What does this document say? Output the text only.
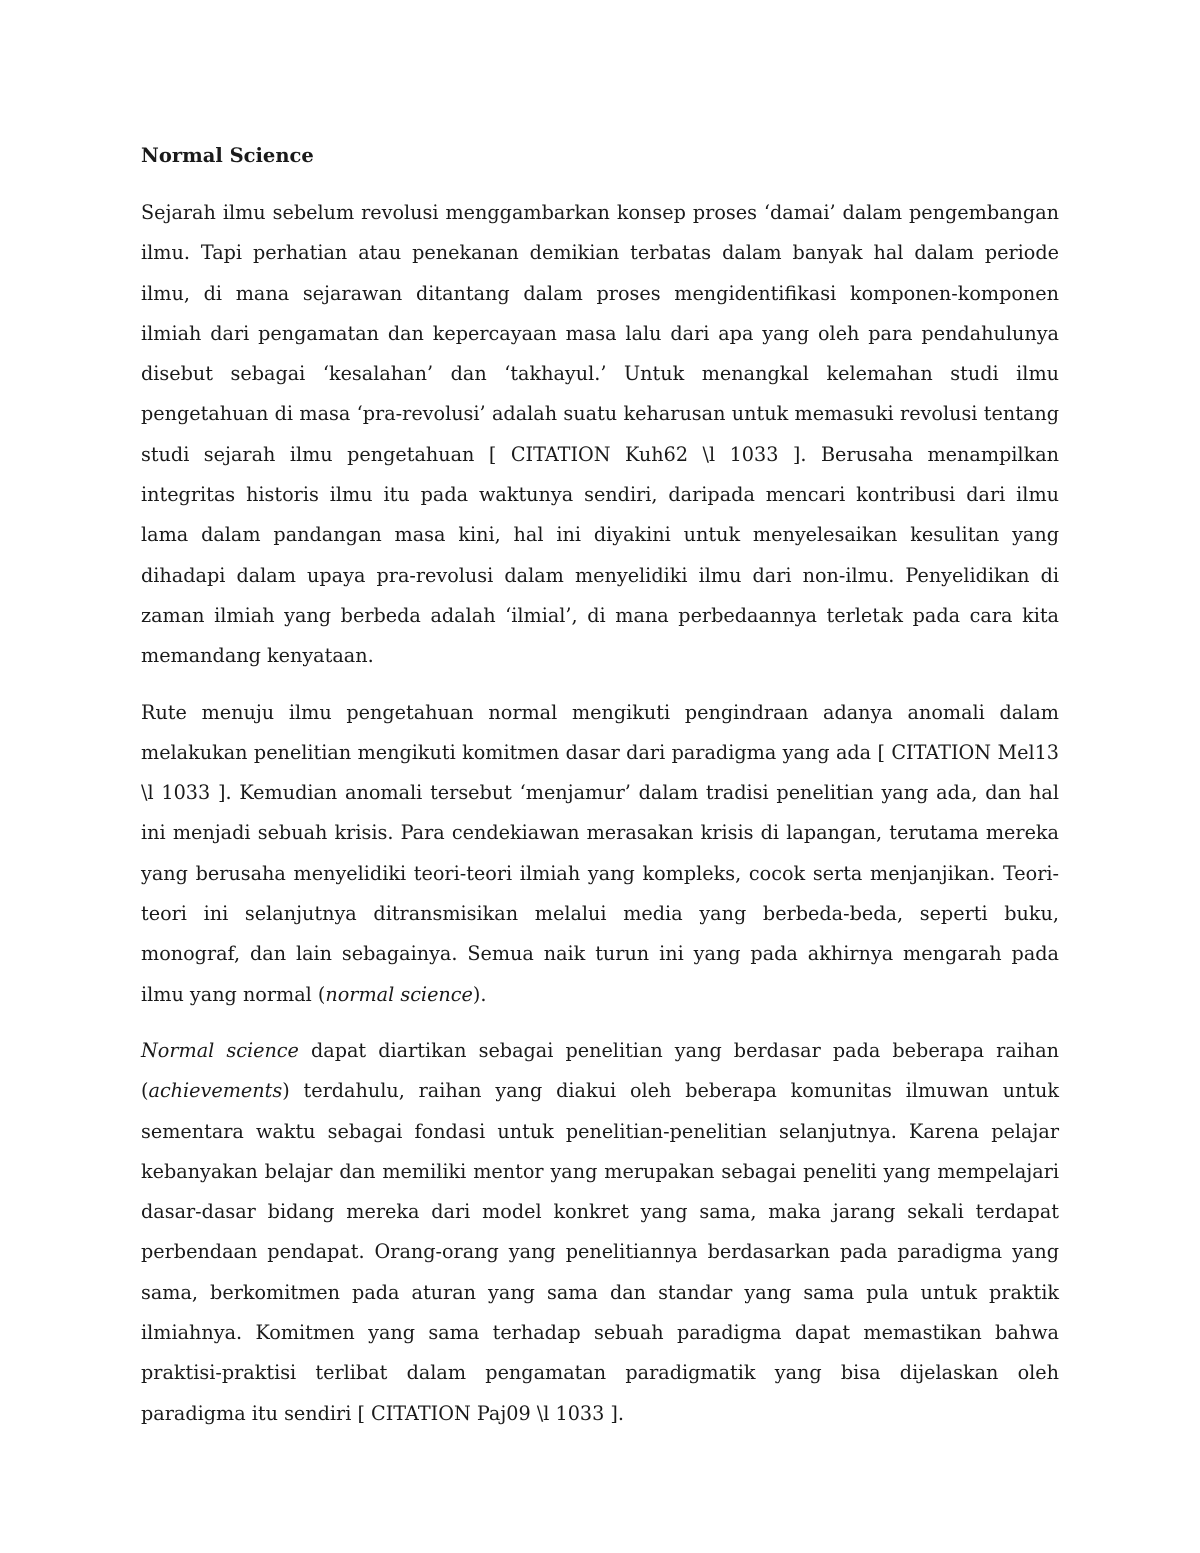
Normal Science

Sejarah ilmu sebelum revolusi menggambarkan konsep proses ‘damai’ dalam pengembangan ilmu. Tapi perhatian atau penekanan demikian terbatas dalam banyak hal dalam periode ilmu, di mana sejarawan ditantang dalam proses mengidentifikasi komponen-komponen ilmiah dari pengamatan dan kepercayaan masa lalu dari apa yang oleh para pendahulunya disebut sebagai ‘kesalahan’ dan ‘takhayul.’ Untuk menangkal kelemahan studi ilmu pengetahuan di masa ‘pra-revolusi’ adalah suatu keharusan untuk memasuki revolusi tentang studi sejarah ilmu pengetahuan [ CITATION Kuh62 \l 1033 ]. Berusaha menampilkan integritas historis ilmu itu pada waktunya sendiri, daripada mencari kontribusi dari ilmu lama dalam pandangan masa kini, hal ini diyakini untuk menyelesaikan kesulitan yang dihadapi dalam upaya pra-revolusi dalam menyelidiki ilmu dari non-ilmu. Penyelidikan di zaman ilmiah yang berbeda adalah ‘ilmial’, di mana perbedaannya terletak pada cara kita memandang kenyataan.

Rute menuju ilmu pengetahuan normal mengikuti pengindraan adanya anomali dalam melakukan penelitian mengikuti komitmen dasar dari paradigma yang ada [ CITATION Mel13 \l 1033 ]. Kemudian anomali tersebut ‘menjamur’ dalam tradisi penelitian yang ada, dan hal ini menjadi sebuah krisis. Para cendekiawan merasakan krisis di lapangan, terutama mereka yang berusaha menyelidiki teori-teori ilmiah yang kompleks, cocok serta menjanjikan. Teori-teori ini selanjutnya ditransmisikan melalui media yang berbeda-beda, seperti buku, monograf, dan lain sebagainya. Semua naik turun ini yang pada akhirnya mengarah pada ilmu yang normal (normal science).

Normal science dapat diartikan sebagai penelitian yang berdasar pada beberapa raihan (achievements) terdahulu, raihan yang diakui oleh beberapa komunitas ilmuwan untuk sementara waktu sebagai fondasi untuk penelitian-penelitian selanjutnya. Karena pelajar kebanyakan belajar dan memiliki mentor yang merupakan sebagai peneliti yang mempelajari dasar-dasar bidang mereka dari model konkret yang sama, maka jarang sekali terdapat perbendaan pendapat. Orang-orang yang penelitiannya berdasarkan pada paradigma yang sama, berkomitmen pada aturan yang sama dan standar yang sama pula untuk praktik ilmiahnya. Komitmen yang sama terhadap sebuah paradigma dapat memastikan bahwa praktisi-praktisi terlibat dalam pengamatan paradigmatik yang bisa dijelaskan oleh paradigma itu sendiri [ CITATION Paj09 \l 1033 ].
